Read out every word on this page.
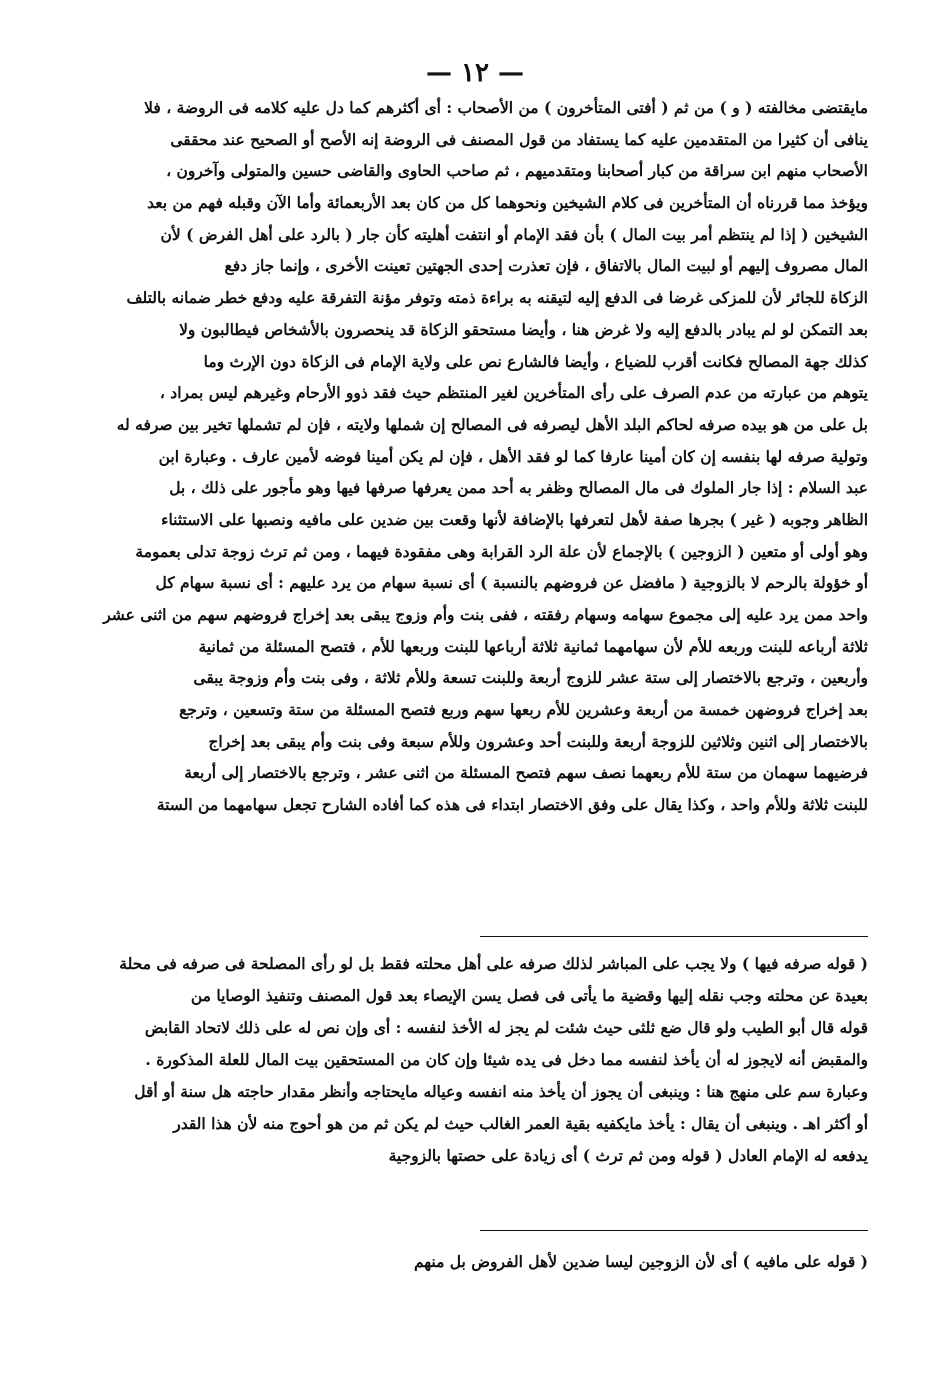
— ١٢ —
مايقتضى مخالفته ( و ) من ثم ( أفتى المتأخرون ) من الأصحاب : أى أكثرهم كما دل عليه كلامه فى الروضة ، فلا
ينافى أن كثيرا من المتقدمين عليه كما يستفاد من قول المصنف فى الروضة إنه الأصح أو الصحيح عند محققى
الأصحاب منهم ابن سراقة من كبار أصحابنا ومتقدميهم ، ثم صاحب الحاوى والقاضى حسين والمتولى وآخرون ،
ويؤخذ مما قررناه أن المتأخرين فى كلام الشيخين ونحوهما كل من كان بعد الأربعمائة وأما الآن وقبله فهم من بعد
الشيخين ( إذا لم ينتظم أمر بيت المال ) بأن فقد الإمام أو انتفت أهليته كأن جار ( بالرد على أهل الفرض ) لأن
المال مصروف إليهم أو لبيت المال بالاتفاق ، فإن تعذرت إحدى الجهتين تعينت الأخرى ، وإنما جاز دفع
الزكاة للجائر لأن للمزكى غرضا فى الدفع إليه لتيقنه به براءة ذمته وتوفر مؤنة التفرقة عليه ودفع خطر ضمانه بالتلف
بعد التمكن لو لم يبادر بالدفع إليه ولا غرض هنا ، وأيضا مستحقو الزكاة قد ينحصرون بالأشخاص فيطالبون ولا
كذلك جهة المصالح فكانت أقرب للضياع ، وأيضا فالشارع نص على ولاية الإمام فى الزكاة دون الإرث وما
يتوهم من عبارته من عدم الصرف على رأى المتأخرين لغير المنتظم حيث فقد ذوو الأرحام وغيرهم ليس بمراد ،
بل على من هو بيده صرفه لحاكم البلد الأهل ليصرفه فى المصالح إن شملها ولايته ، فإن لم تشملها تخير بين صرفه له
وتولية صرفه لها بنفسه إن كان أمينا عارفا كما لو فقد الأهل ، فإن لم يكن أمينا فوضه لأمين عارف . وعبارة ابن
عبد السلام : إذا جار الملوك فى مال المصالح وظفر به أحد ممن يعرفها صرفها فيها وهو مأجور على ذلك ، بل
الظاهر وجوبه ( غير ) بجرها صفة لأهل لتعرفها بالإضافة لأنها وقعت بين ضدين على مافيه ونصبها على الاستثناء
وهو أولى أو متعين ( الزوجين ) بالإجماع لأن علة الرد القرابة وهى مفقودة فيهما ، ومن ثم ترث زوجة تدلى بعمومة
أو خؤولة بالرحم لا بالزوجية ( مافضل عن فروضهم بالنسبة ) أى نسبة سهام من يرد عليهم : أى نسبة سهام كل
واحد ممن يرد عليه إلى مجموع سهامه وسهام رفقته ، ففى بنت وأم وزوج يبقى بعد إخراج فروضهم سهم من اثنى عشر
ثلاثة أرباعه للبنت وربعه للأم لأن سهامهما ثمانية ثلاثة أرباعها للبنت وربعها للأم ، فتصح المسئلة من ثمانية
وأربعين ، وترجع بالاختصار إلى ستة عشر للزوج أربعة وللبنت تسعة وللأم ثلاثة ، وفى بنت وأم وزوجة يبقى
بعد إخراج فروضهن خمسة من أربعة وعشرين للأم ربعها سهم وربع فتصح المسئلة من ستة وتسعين ، وترجع
بالاختصار إلى اثنين وثلاثين للزوجة أربعة وللبنت أحد وعشرون وللأم سبعة وفى بنت وأم يبقى بعد إخراج
فرضيهما سهمان من ستة للأم ربعهما نصف سهم فتصح المسئلة من اثنى عشر ، وترجع بالاختصار إلى أربعة
للبنت ثلاثة وللأم واحد ، وكذا يقال على وفق الاختصار ابتداء فى هذه كما أفاده الشارح تجعل سهامهما من الستة
( قوله صرفه فيها ) ولا يجب على المباشر لذلك صرفه على أهل محلته فقط بل لو رأى المصلحة فى صرفه فى محلة
بعيدة عن محلته وجب نقله إليها وقضية ما يأتى فى فصل يسن الإيصاء بعد قول المصنف وتنفيذ الوصايا من
قوله قال أبو الطيب ولو قال ضع ثلثى حيث شئت لم يجز له الأخذ لنفسه : أى وإن نص له على ذلك لاتحاد القابض
والمقبض أنه لايجوز له أن يأخذ لنفسه مما دخل فى يده شيئا وإن كان من المستحقين بيت المال للعلة المذكورة .
وعبارة سم على منهج هنا : وينبغى أن يجوز أن يأخذ منه انفسه وعياله مايحتاجه وأنظر مقدار حاجته هل سنة أو أقل
أو أكثر اهـ . وينبغى أن يقال : يأخذ مايكفيه بقية العمر الغالب حيث لم يكن ثم من هو أحوج منه لأن هذا القدر
يدفعه له الإمام العادل ( قوله ومن ثم ترث ) أى زيادة على حصتها بالزوجية
( قوله على مافيه ) أى لأن الزوجين ليسا ضدين لأهل الفروض بل منهم
